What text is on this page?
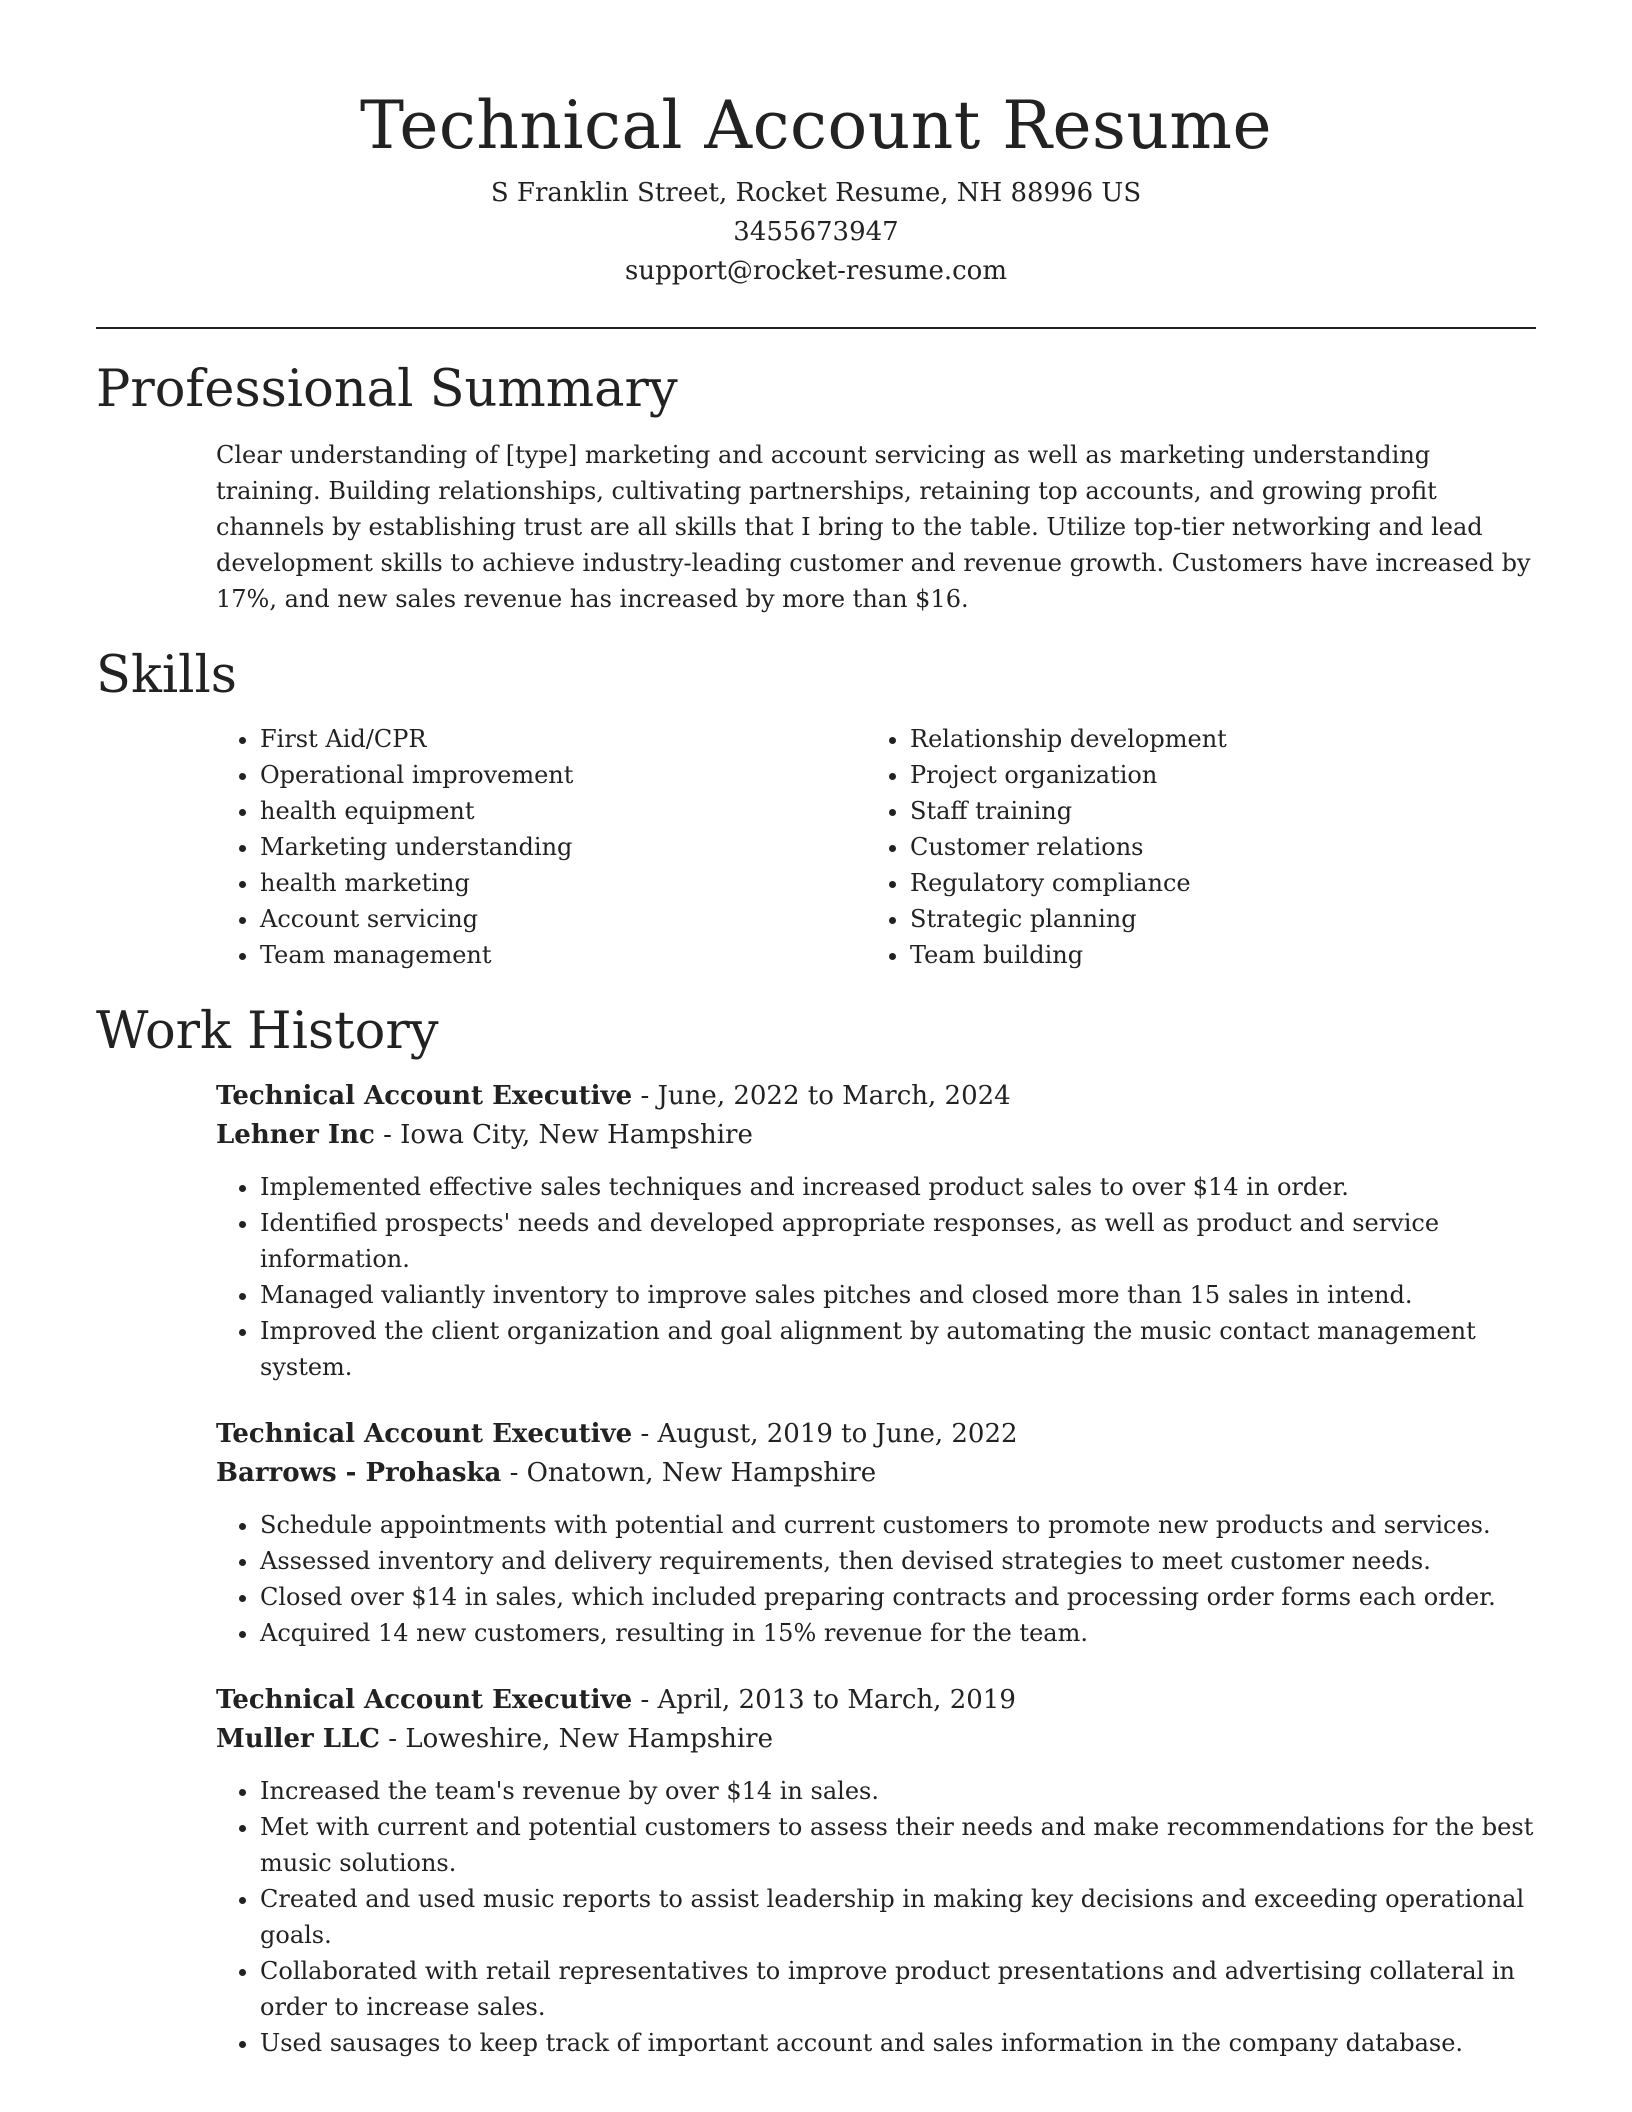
Technical Account Resume

S Franklin Street, Rocket Resume, NH 88996 US

3455673947

support@rocket-resume.com

Professional Summary

Clear understanding of [type] marketing and account servicing as well as marketing understanding training. Building relationships, cultivating partnerships, retaining top accounts, and growing profit channels by establishing trust are all skills that I bring to the table. Utilize top-tier networking and lead development skills to achieve industry-leading customer and revenue growth. Customers have increased by 17%, and new sales revenue has increased by more than $16.

Skills
• First Aid/CPR
• Operational improvement
• health equipment
• Marketing understanding
• health marketing
• Account servicing
• Team management
• Relationship development
• Project organization
• Staff training
• Customer relations
• Regulatory compliance
• Strategic planning
• Team building
Work History

Technical Account Executive - June, 2022 to March, 2024

Lehner Inc - Iowa City, New Hampshire

• Implemented effective sales techniques and increased product sales to over $14 in order.
• Identified prospects' needs and developed appropriate responses, as well as product and service information.
• Managed valiantly inventory to improve sales pitches and closed more than 15 sales in intend.
• Improved the client organization and goal alignment by automating the music contact management system.

Technical Account Executive - August, 2019 to June, 2022

Barrows - Prohaska - Onatown, New Hampshire

• Schedule appointments with potential and current customers to promote new products and services.
• Assessed inventory and delivery requirements, then devised strategies to meet customer needs.
• Closed over $14 in sales, which included preparing contracts and processing order forms each order.
• Acquired 14 new customers, resulting in 15% revenue for the team.

Technical Account Executive - April, 2013 to March, 2019

Muller LLC - Loweshire, New Hampshire

• Increased the team's revenue by over $14 in sales.
• Met with current and potential customers to assess their needs and make recommendations for the best music solutions.
• Created and used music reports to assist leadership in making key decisions and exceeding operational goals.
• Collaborated with retail representatives to improve product presentations and advertising collateral in order to increase sales.
• Used sausages to keep track of important account and sales information in the company database.
